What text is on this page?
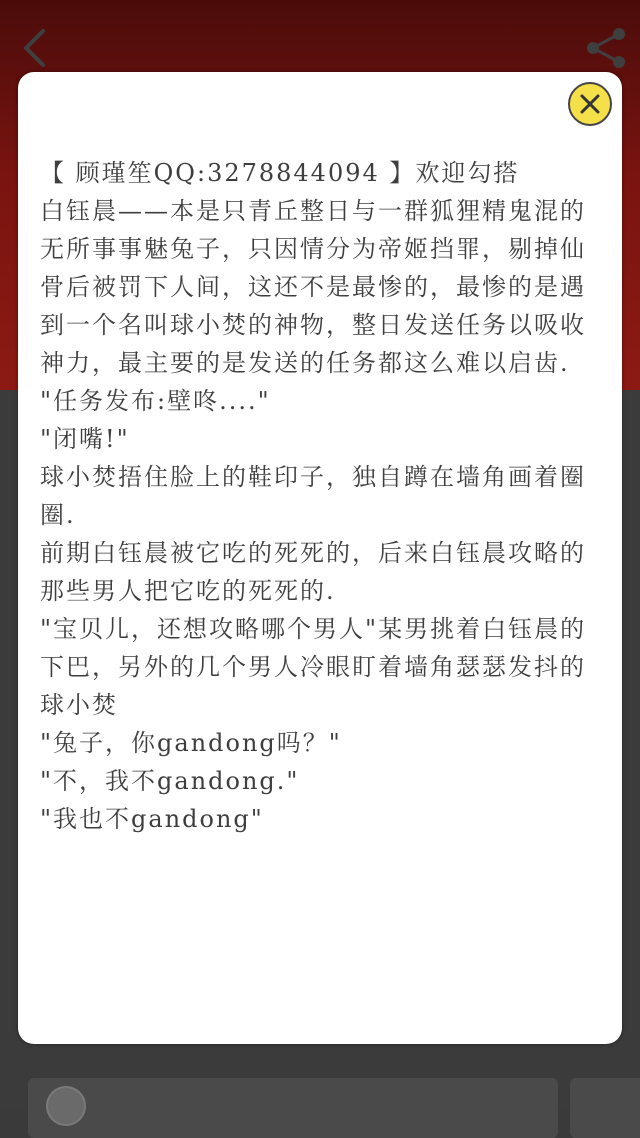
【 顾瑾笙QQ:3278844094 】欢迎勾搭

白钰晨——本是只青丘整日与一群狐狸精鬼混的无所事事魅兔子，只因情分为帝姬挡罪，剔掉仙骨后被罚下人间，这还不是最惨的，最惨的是遇到一个名叫球小焚的神物，整日发送任务以吸收神力，最主要的是发送的任务都这么难以启齿.

"任务发布:壁咚...."

"闭嘴!"

球小焚捂住脸上的鞋印子，独自蹲在墙角画着圈圈.

前期白钰晨被它吃的死死的，后来白钰晨攻略的那些男人把它吃的死死的.

"宝贝儿，还想攻略哪个男人"某男挑着白钰晨的下巴，另外的几个男人冷眼盯着墙角瑟瑟发抖的球小焚

"兔子，你gandong吗？"

"不，我不gandong."

"我也不gandong"
